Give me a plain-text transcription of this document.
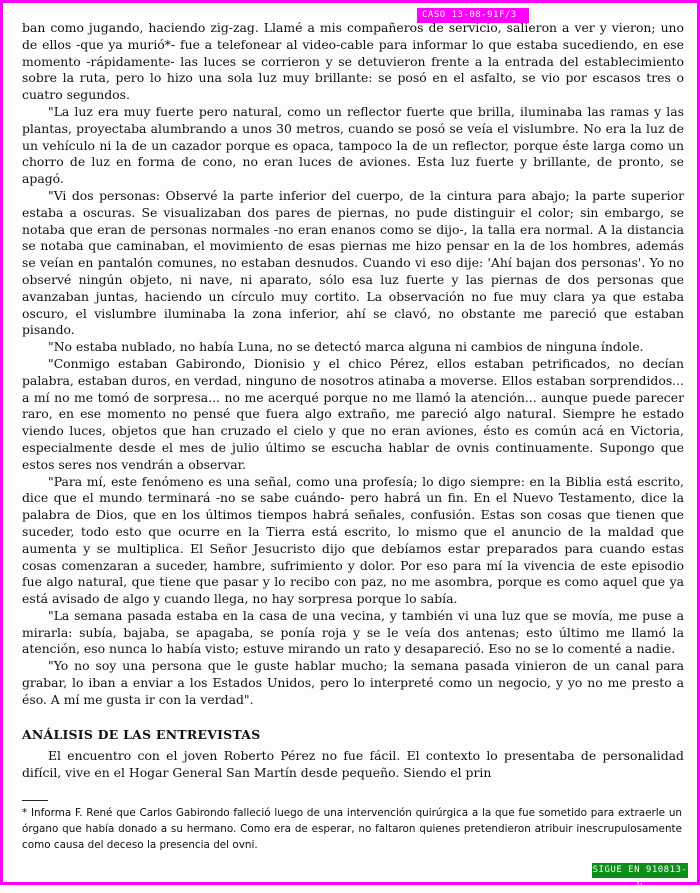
CASO 13-08-91F/3

ban como jugando, haciendo zig-zag. Llamé a mis compañeros de servicio, salieron a ver y vieron; uno de ellos -que ya murió*- fue a telefonear al video-cable para informar lo que estaba sucediendo, en ese momento -rápidamente- las luces se corrieron y se detuvieron frente a la entrada del establecimiento sobre la ruta, pero lo hizo una sola luz muy brillante: se posó en el asfalto, se vio por escasos tres o cuatro segundos.

"La luz era muy fuerte pero natural, como un reflector fuerte que brilla, iluminaba las ramas y las plantas, proyectaba alumbrando a unos 30 metros, cuando se posó se veía el vislumbre. No era la luz de un vehículo ni la de un cazador porque es opaca, tampoco la de un reflector, porque éste larga como un chorro de luz en forma de cono, no eran luces de aviones. Esta luz fuerte y brillante, de pronto, se apagó.

"Vi dos personas: Observé la parte inferior del cuerpo, de la cintura para abajo; la parte superior estaba a oscuras. Se visualizaban dos pares de piernas, no pude distinguir el color; sin embargo, se notaba que eran de personas normales -no eran enanos como se dijo-, la talla era normal. A la distancia se notaba que caminaban, el movimiento de esas piernas me hizo pensar en la de los hombres, además se veían en pantalón comunes, no estaban desnudos. Cuando vi eso dije: 'Ahí bajan dos personas'. Yo no observé ningún objeto, ni nave, ni aparato, sólo esa luz fuerte y las piernas de dos personas que avanzaban juntas, haciendo un círculo muy cortito. La observación no fue muy clara ya que estaba oscuro, el vislumbre iluminaba la zona inferior, ahí se clavó, no obstante me pareció que estaban pisando.

"No estaba nublado, no había Luna, no se detectó marca alguna ni cambios de ninguna índole.

"Conmigo estaban Gabirondo, Dionisio y el chico Pérez, ellos estaban petrificados, no decían palabra, estaban duros, en verdad, ninguno de nosotros atinaba a moverse. Ellos estaban sorprendidos... a mí no me tomó de sorpresa... no me acerqué porque no me llamó la atención... aunque puede parecer raro, en ese momento no pensé que fuera algo extraño, me pareció algo natural. Siempre he estado viendo luces, objetos que han cruzado el cielo y que no eran aviones, ésto es común acá en Victoria, especialmente desde el mes de julio último se escucha hablar de ovnis continuamente. Supongo que estos seres nos vendrán a observar.

"Para mí, este fenómeno es una señal, como una profesía; lo digo siempre: en la Biblia está escrito, dice que el mundo terminará -no se sabe cuándo- pero habrá un fin. En el Nuevo Testamento, dice la palabra de Dios, que en los últimos tiempos habrá señales, confusión. Estas son cosas que tienen que suceder, todo esto que ocurre en la Tierra está escrito, lo mismo que el anuncio de la maldad que aumenta y se multiplica. El Señor Jesucristo dijo que debíamos estar preparados para cuando estas cosas comenzaran a suceder, hambre, sufrimiento y dolor. Por eso para mí la vivencia de este episodio fue algo natural, que tiene que pasar y lo recibo con paz, no me asombra, porque es como aquel que ya está avisado de algo y cuando llega, no hay sorpresa porque lo sabía.

"La semana pasada estaba en la casa de una vecina, y también vi una luz que se movía, me puse a mirarla: subía, bajaba, se apagaba, se ponía roja y se le veía dos antenas; esto último me llamó la atención, eso nunca lo había visto; estuve mirando un rato y desapareció. Eso no se lo comenté a nadie.

"Yo no soy una persona que le guste hablar mucho; la semana pasada vinieron de un canal para grabar, lo iban a enviar a los Estados Unidos, pero lo interpreté como un negocio, y yo no me presto a éso. A mí me gusta ir con la verdad".

ANÁLISIS DE LAS ENTREVISTAS

El encuentro con el joven Roberto Pérez no fue fácil. El contexto lo presentaba de personalidad difícil, vive en el Hogar General San Martín desde pequeño. Siendo el prin

* Informa F. René que Carlos Gabirondo falleció luego de una intervención quirúrgica a la que fue sometido para extraerle un órgano que había donado a su hermano. Como era de esperar, no faltaron quienes pretendieron atribuir inescrupulosamente como causa del deceso la presencia del ovni.
SIGUE EN 910813-G
